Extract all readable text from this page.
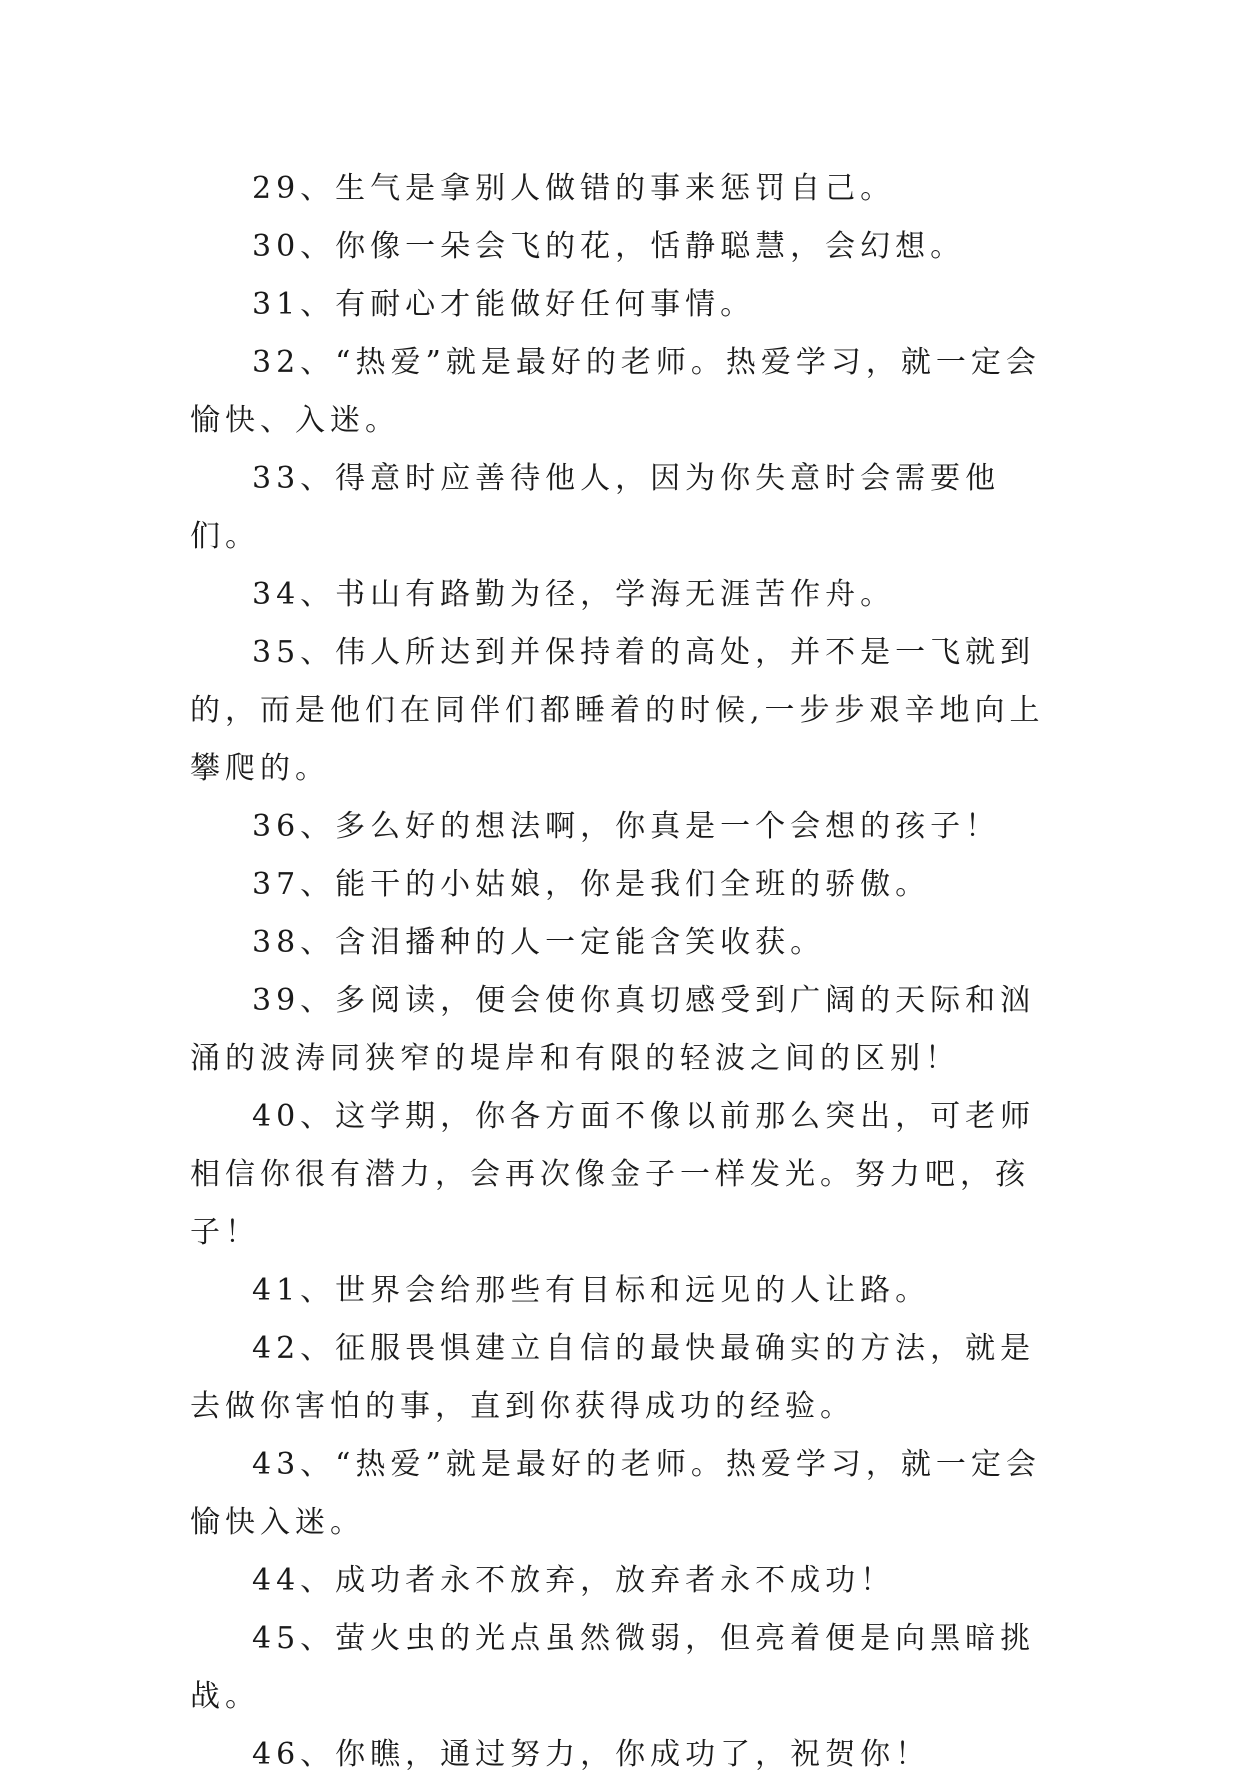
29、生气是拿别人做错的事来惩罚自己。

30、你像一朵会飞的花，恬静聪慧，会幻想。

31、有耐心才能做好任何事情。

32、“热爱”就是最好的老师。热爱学习，就一定会愉快、入迷。

33、得意时应善待他人，因为你失意时会需要他们。

34、书山有路勤为径，学海无涯苦作舟。

35、伟人所达到并保持着的高处，并不是一飞就到的，而是他们在同伴们都睡着的时候,一步步艰辛地向上攀爬的。

36、多么好的想法啊，你真是一个会想的孩子！

37、能干的小姑娘，你是我们全班的骄傲。

38、含泪播种的人一定能含笑收获。

39、多阅读，便会使你真切感受到广阔的天际和汹涌的波涛同狭窄的堤岸和有限的轻波之间的区别！

40、这学期，你各方面不像以前那么突出，可老师相信你很有潜力，会再次像金子一样发光。努力吧，孩子！

41、世界会给那些有目标和远见的人让路。

42、征服畏惧建立自信的最快最确实的方法，就是去做你害怕的事，直到你获得成功的经验。

43、“热爱”就是最好的老师。热爱学习，就一定会愉快入迷。

44、成功者永不放弃，放弃者永不成功！

45、萤火虫的光点虽然微弱，但亮着便是向黑暗挑战。

46、你瞧，通过努力，你成功了，祝贺你！
